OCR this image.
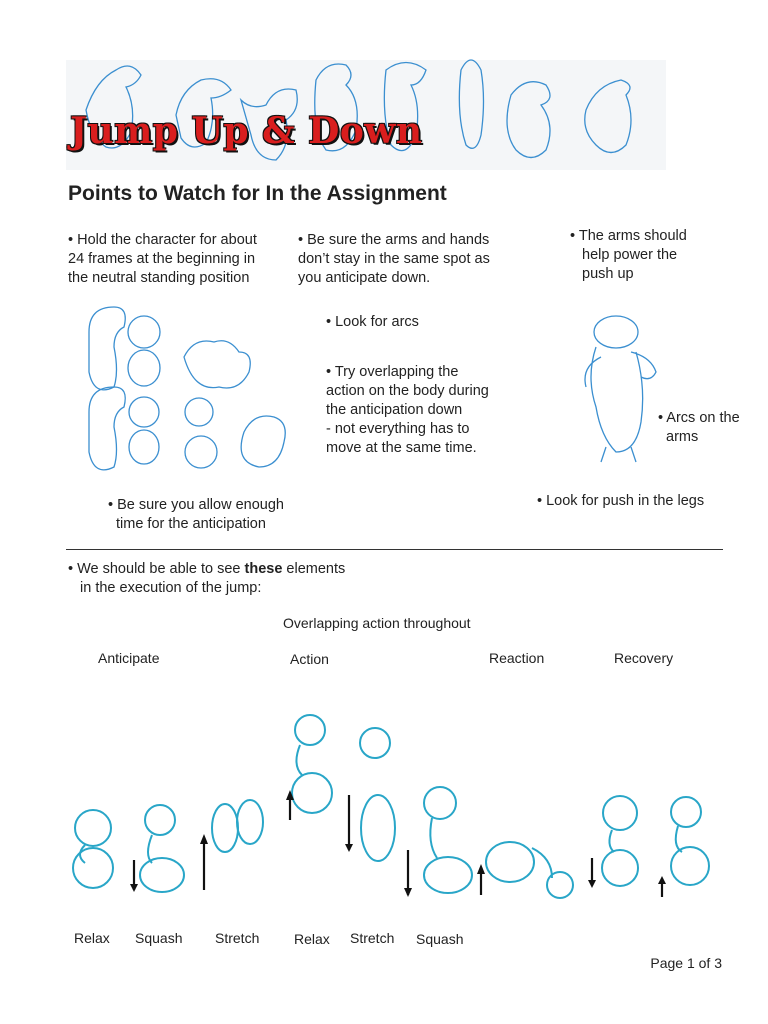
Jump Up & Down
Points to Watch for In the Assignment
• Hold the character for about
24 frames at the beginning in
the neutral standing position
• Be sure the arms and hands
don’t stay in the same spot as
you anticipate down.
• The arms should
help power the
push up
• Look for arcs
• Try overlapping the
action on the body during
the anticipation down
- not everything has to
move at the same time.
• Arcs on the
arms
• Be sure you allow enough
time for the anticipation
• Look for push in the legs
• We should be able to see these elements
in the execution of the jump:
Overlapping action throughout
Anticipate	Action	Reaction	Recovery
Relax Squash Stretch Relax Stretch Squash
Page 1 of 3
